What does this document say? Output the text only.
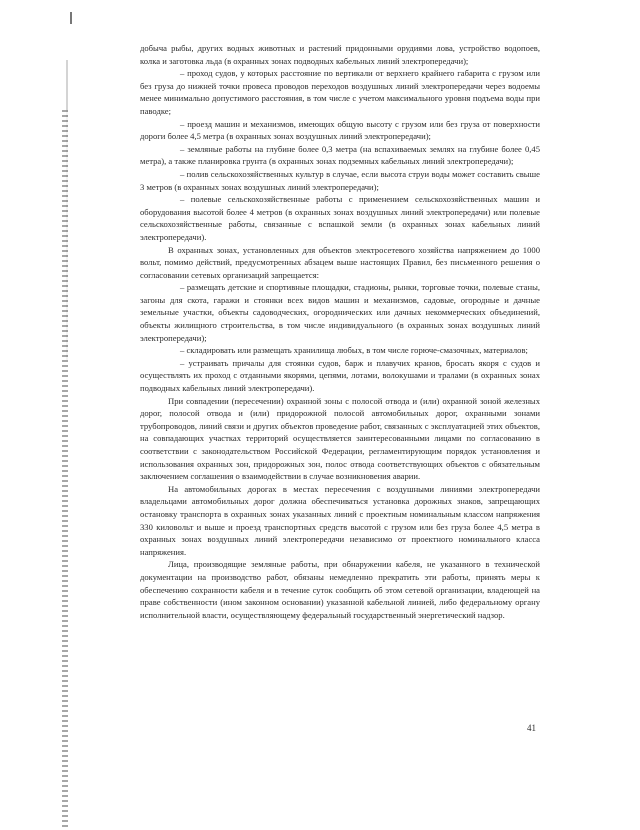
добыча рыбы, других водных животных и растений придонными орудиями лова, устройство водопоев, колка и заготовка льда (в охранных зонах подводных кабельных линий электропередачи);

– проход судов, у которых расстояние по вертикали от верхнего крайнего габарита с грузом или без груза до нижней точки провеса проводов переходов воздушных линий электропередачи через водоемы менее минимально допустимого расстояния, в том числе с учетом максимального уровня подъема воды при паводке;

– проезд машин и механизмов, имеющих общую высоту с грузом или без груза от поверхности дороги более 4,5 метра (в охранных зонах воздушных линий электропередачи);

– земляные работы на глубине более 0,3 метра (на вспахиваемых землях на глубине более 0,45 метра), а также планировка грунта (в охранных зонах подземных кабельных линий электропередачи);

– полив сельскохозяйственных культур в случае, если высота струи воды может составить свыше 3 метров (в охранных зонах воздушных линий электропередачи);

– полевые сельскохозяйственные работы с применением сельскохозяйственных машин и оборудования высотой более 4 метров (в охранных зонах воздушных линий электропередачи) или полевые сельскохозяйственные работы, связанные с вспашкой земли (в охранных зонах кабельных линий электропередачи).

В охранных зонах, установленных для объектов электросетевого хозяйства напряжением до 1000 вольт, помимо действий, предусмотренных абзацем выше настоящих Правил, без письменного решения о согласовании сетевых организаций запрещается:

– размещать детские и спортивные площадки, стадионы, рынки, торговые точки, полевые станы, загоны для скота, гаражи и стоянки всех видов машин и механизмов, садовые, огородные и дачные земельные участки, объекты садоводческих, огороднических или дачных некоммерческих объединений, объекты жилищного строительства, в том числе индивидуального (в охранных зонах воздушных линий электропередачи);

– складировать или размещать хранилища любых, в том числе горюче-смазочных, материалов;

– устраивать причалы для стоянки судов, барж и плавучих кранов, бросать якоря с судов и осуществлять их проход с отданными якорями, цепями, лотами, волокушами и тралами (в охранных зонах подводных кабельных линий электропередачи).

При совпадении (пересечении) охранной зоны с полосой отвода и (или) охранной зоной железных дорог, полосой отвода и (или) придорожной полосой автомобильных дорог, охранными зонами трубопроводов, линий связи и других объектов проведение работ, связанных с эксплуатацией этих объектов, на совпадающих участках территорий осуществляется заинтересованными лицами по согласованию в соответствии с законодательством Российской Федерации, регламентирующим порядок установления и использования охранных зон, придорожных зон, полос отвода соответствующих объектов с обязательным заключением соглашения о взаимодействии в случае возникновения аварии.

На автомобильных дорогах в местах пересечения с воздушными линиями электропередачи владельцами автомобильных дорог должна обеспечиваться установка дорожных знаков, запрещающих остановку транспорта в охранных зонах указанных линий с проектным номинальным классом напряжения 330 киловольт и выше и проезд транспортных средств высотой с грузом или без груза более 4,5 метра в охранных зонах воздушных линий электропередачи независимо от проектного номинального класса напряжения.

Лица, производящие земляные работы, при обнаружении кабеля, не указанного в технической документации на производство работ, обязаны немедленно прекратить эти работы, принять меры к обеспечению сохранности кабеля и в течение суток сообщить об этом сетевой организации, владеющей на праве собственности (ином законном основании) указанной кабельной линией, либо федеральному органу исполнительной власти, осуществляющему федеральный государственный энергетический надзор.

41
